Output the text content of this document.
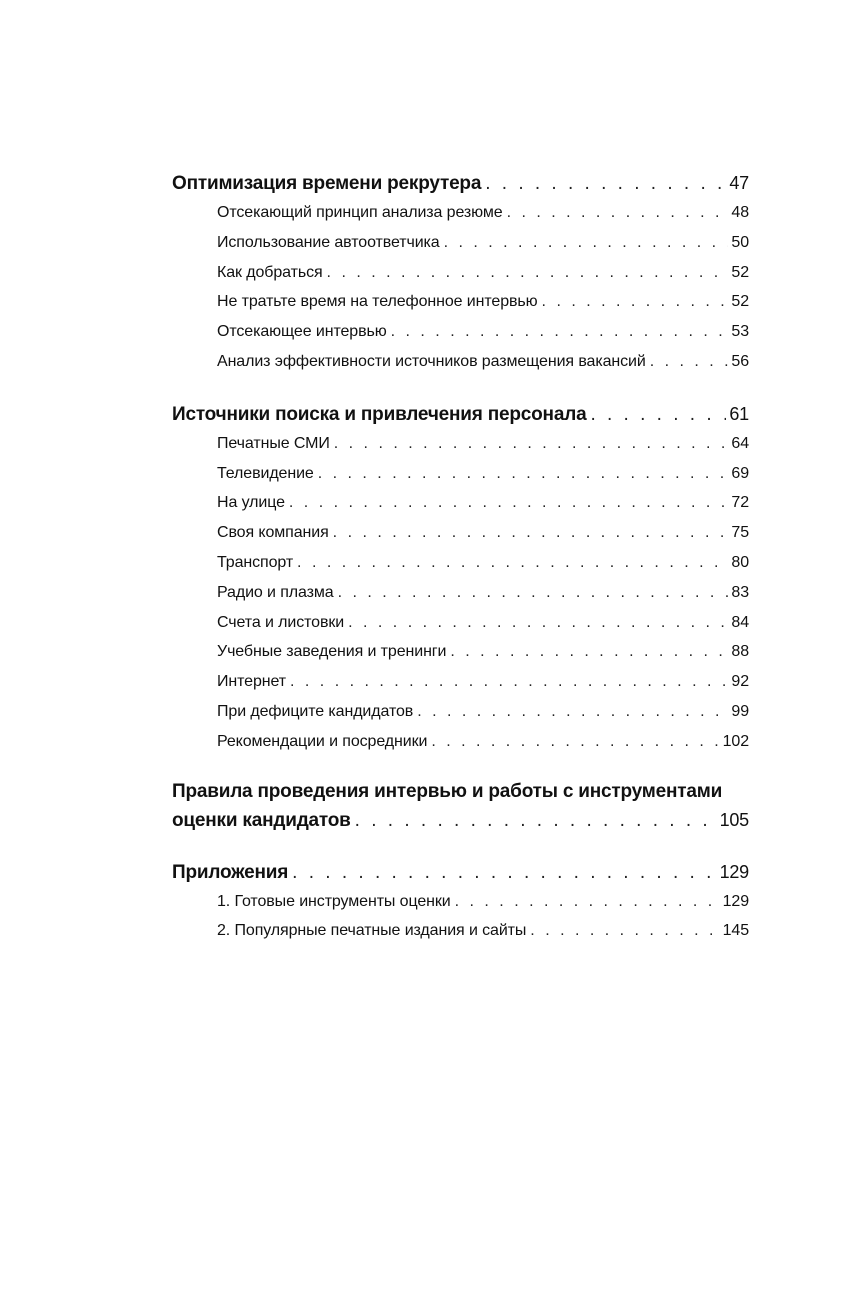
Оптимизация времени рекрутера . . .	47
Отсекающий принцип анализа резюме . . .	48
Использование автоответчика . . .	50
Как добраться . . .	52
Не тратьте время на телефонное интервью . . .	52
Отсекающее интервью . . .	53
Анализ эффективности источников размещения вакансий . . .	56
Источники поиска и привлечения персонала . . .	61
Печатные СМИ . . .	64
Телевидение . . .	69
На улице . . .	72
Своя компания . . .	75
Транспорт . . .	80
Радио и плазма . . .	83
Счета и листовки . . .	84
Учебные заведения и тренинги . . .	88
Интернет . . .	92
При дефиците кандидатов . . .	99
Рекомендации и посредники . . .	102
Правила проведения интервью и работы с инструментами
оценки кандидатов . . .	105
Приложения . . .	129
1. Готовые инструменты оценки . . .	129
2. Популярные печатные издания и сайты . . .	145
